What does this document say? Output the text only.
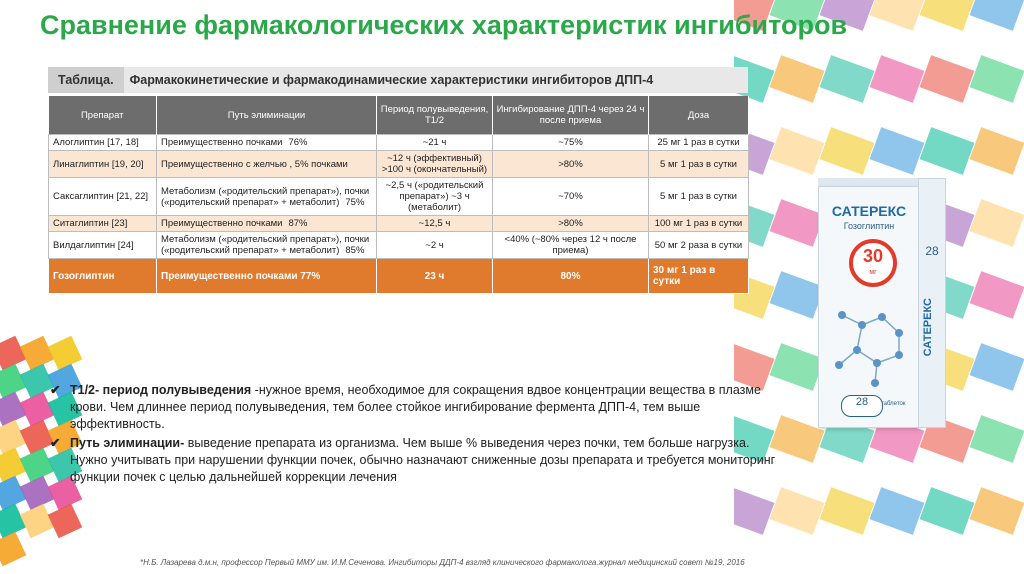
Сравнение фармакологических характеристик ингибиторов
Таблица.	Фармакокинетические и фармакодинамические характеристики ингибиторов ДПП-4
Препарат	Путь элиминации	Период полувыведения, T1/2	Ингибирование ДПП-4 через 24 ч после приема	Доза
Алоглиптин [17, 18]	Преимущественно почками 76%	~21 ч	~75%	25 мг 1 раз в сутки
Линаглиптин [19, 20]	Преимущественно с желчью , 5% почками	~12 ч (эффективный) >100 ч (окончательный)	>80%	5 мг 1 раз в сутки
Саксаглиптин [21, 22]	Метаболизм («родительский препарат»), почки («родительский препарат» + метаболит) 75%	~2,5 ч («родительский препарат») ~3 ч (метаболит)	~70%	5 мг 1 раз в сутки
Ситаглиптин [23]	Преимущественно почками 87%	~12,5 ч	>80%	100 мг 1 раз в сутки
Вилдаглиптин [24]	Метаболизм («родительский препарат»), почки («родительский препарат» + метаболит) 85%	~2 ч	<40% (~80% через 12 ч после приема)	50 мг 2 раза в сутки
Гозоглиптин	Преимущественно почками 77%	23 ч	80%	30 мг 1 раз в сутки
✔ Т1/2- период полувыведения -нужное время, необходимое для сокращения вдвое концентрации вещества в плазме крови. Чем длиннее период полувыведения, тем более стойкое ингибирование фермента ДПП-4, тем выше эффективность.
✔ Путь элиминации- выведение препарата из организма. Чем выше % выведения через почки, тем больше нагрузка. Нужно учитывать при нарушении функции почек, обычно назначают сниженные дозы препарата и требуется мониторинг функции почек с целью дальнейшей коррекции лечения
САТЕРЕКС
Гозоглиптин
30
мг
28	таблеток
28
САТЕРЕКС
*Н.Б. Лазарева д.м.н, профессор Первый ММУ им. И.М.Сеченова. Ингибиторы ДДП-4 взгляд клинического фармаколога.журнал медицинский совет №19, 2016
